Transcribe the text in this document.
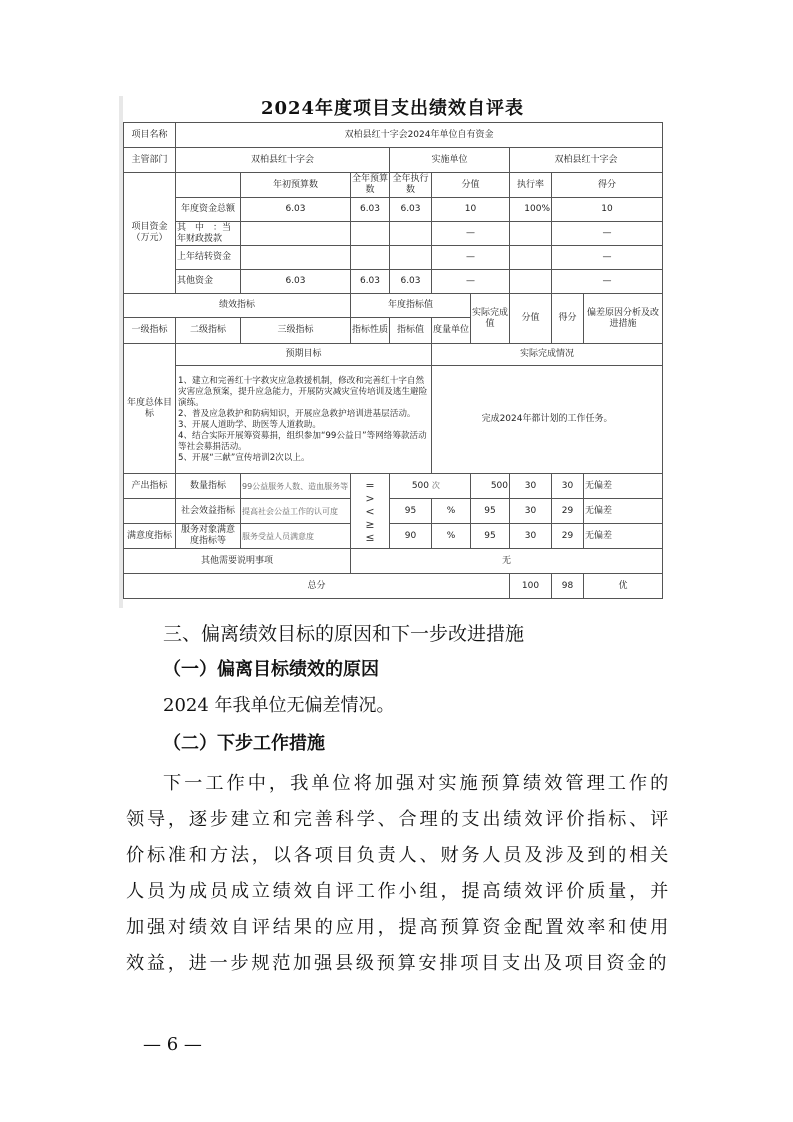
2024年度项目支出绩效自评表
项目名称	双柏县红十字会2024年单位自有资金								
主管部门	双柏县红十字会			实施单位			双柏县红十字会		
项目资金（万元）		年初预算数	全年预算数	全年执行数	分值		执行率	得分	
	年度资金总额	6.03	6.03	6.03	10		100%	10	
	其　中　：当年财政拨款				—			—	
	上年结转资金				—			—	
	其他资金	6.03	6.03	6.03	—			—	
绩效指标			年度指标值			实际完成值	分值	得分	偏差原因分析及改进措施
一级指标	二级指标	三级指标	指标性质	指标值	度量单位				
年度总体目标	预期目标				实际完成情况				
	1、建立和完善红十字救灾应急救援机制，修改和完善红十字自然灾害应急预案，提升应急能力，开展防灾减灾宣传培训及逃生避险演练。
2、普及应急救护和防病知识，开展应急救护培训进基层活动。
3、开展人道助学、助医等人道救助。
4、结合实际开展筹资募捐，组织参加“99公益日”等网络筹款活动等社会募捐活动。
5、开展“三献”宣传培训2次以上。				完成2024年都计划的工作任务。				
产出指标	数量指标	99公益服务人数、造血服务等	= > < ≥ ≤	500 次		500	30	30	无偏差
	社会效益指标	提高社会公益工作的认可度		95	%	95	30	29	无偏差
满意度指标	服务对象满意度指标等	服务受益人员满意度		90	%	95	30	29	无偏差
其他需要说明事项			无						
总分							100	98	优
三、偏离绩效目标的原因和下一步改进措施
（一）偏离目标绩效的原因
2024 年我单位无偏差情况。
（二）下步工作措施
下一工作中，我单位将加强对实施预算绩效管理工作的领导，逐步建立和完善科学、合理的支出绩效评价指标、评价标准和方法，以各项目负责人、财务人员及涉及到的相关人员为成员成立绩效自评工作小组，提高绩效评价质量，并加强对绩效自评结果的应用，提高预算资金配置效率和使用效益，进一步规范加强县级预算安排项目支出及项目资金的
— 6 —
